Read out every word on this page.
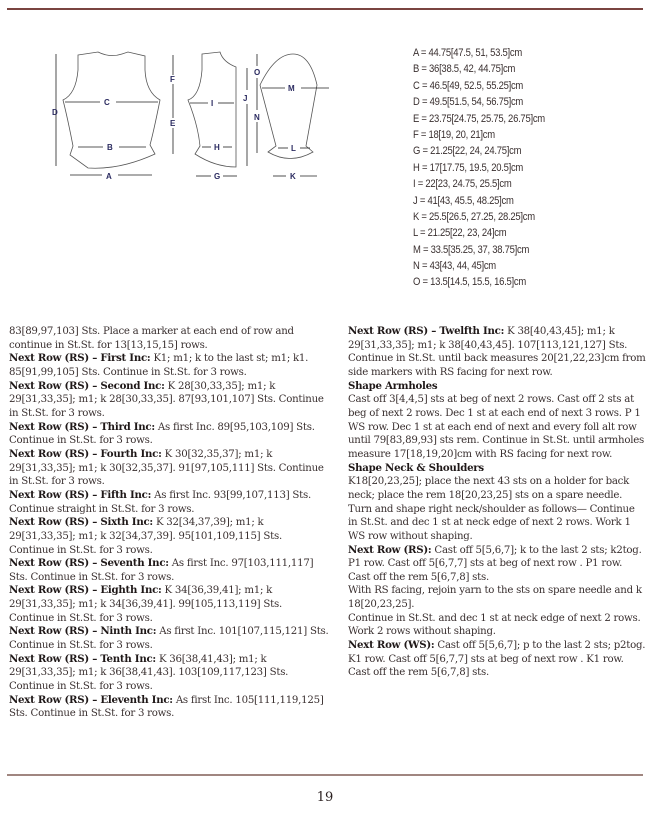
D
C
B
A
F
E
I
H
G
J
O
N
M
L
K
A = 44.75[47.5, 51, 53.5]cm
B = 36[38.5, 42, 44.75]cm
C = 46.5[49, 52.5, 55.25]cm
D = 49.5[51.5, 54, 56.75]cm
E = 23.75[24.75, 25.75, 26.75]cm
F = 18[19, 20, 21]cm
G = 21.25[22, 24, 24.75]cm
H = 17[17.75, 19.5, 20.5]cm
I = 22[23, 24.75, 25.5]cm
J = 41[43, 45.5, 48.25]cm
K = 25.5[26.5, 27.25, 28.25]cm
L = 21.25[22, 23, 24]cm
M = 33.5[35.25, 37, 38.75]cm
N = 43[43, 44, 45]cm
O = 13.5[14.5, 15.5, 16.5]cm

83[89,97,103] Sts. Place a marker at each end of row and continue in St.St. for 13[13,15,15] rows.

Next Row (RS) – First Inc: K1; m1; k to the last st; m1; k1. 85[91,99,105] Sts. Continue in St.St. for 3 rows.

Next Row (RS) – Second Inc: K 28[30,33,35]; m1; k 29[31,33,35]; m1; k 28[30,33,35]. 87[93,101,107] Sts. Continue in St.St. for 3 rows.

Next Row (RS) – Third Inc: As first Inc. 89[95,103,109] Sts. Continue in St.St. for 3 rows.

Next Row (RS) – Fourth Inc: K 30[32,35,37]; m1; k 29[31,33,35]; m1; k 30[32,35,37]. 91[97,105,111] Sts. Continue in St.St. for 3 rows.

Next Row (RS) – Fifth Inc: As first Inc. 93[99,107,113] Sts. Continue straight in St.St. for 3 rows.

Next Row (RS) – Sixth Inc: K 32[34,37,39]; m1; k 29[31,33,35]; m1; k 32[34,37,39]. 95[101,109,115] Sts. Continue in St.St. for 3 rows.

Next Row (RS) – Seventh Inc: As first Inc. 97[103,111,117] Sts. Continue in St.St. for 3 rows.

Next Row (RS) – Eighth Inc: K 34[36,39,41]; m1; k 29[31,33,35]; m1; k 34[36,39,41]. 99[105,113,119] Sts. Continue in St.St. for 3 rows.

Next Row (RS) – Ninth Inc: As first Inc. 101[107,115,121] Sts. Continue in St.St. for 3 rows.

Next Row (RS) – Tenth Inc: K 36[38,41,43]; m1; k 29[31,33,35]; m1; k 36[38,41,43]. 103[109,117,123] Sts. Continue in St.St. for 3 rows.

Next Row (RS) – Eleventh Inc: As first Inc. 105[111,119,125] Sts. Continue in St.St. for 3 rows.

Next Row (RS) – Twelfth Inc: K 38[40,43,45]; m1; k 29[31,33,35]; m1; k 38[40,43,45]. 107[113,121,127] Sts. Continue in St.St. until back measures 20[21,22,23]cm from side markers with RS facing for next row.

Shape Armholes

Cast off 3[4,4,5] sts at beg of next 2 rows. Cast off 2 sts at beg of next 2 rows. Dec 1 st at each end of next 3 rows. P 1 WS row. Dec 1 st at each end of next and every foll alt row until 79[83,89,93] sts rem. Continue in St.St. until armholes measure 17[18,19,20]cm with RS facing for next row.

Shape Neck & Shoulders

K18[20,23,25]; place the next 43 sts on a holder for back neck; place the rem 18[20,23,25] sts on a spare needle. Turn and shape right neck/shoulder as follows— Continue in St.St. and dec 1 st at neck edge of next 2 rows. Work 1 WS row without shaping.

Next Row (RS): Cast off 5[5,6,7]; k to the last 2 sts; k2tog. P1 row. Cast off 5[6,7,7] sts at beg of next row . P1 row. Cast off the rem 5[6,7,8] sts.

With RS facing, rejoin yarn to the sts on spare needle and k 18[20,23,25].

Continue in St.St. and dec 1 st at neck edge of next 2 rows. Work 2 rows without shaping.

Next Row (WS): Cast off 5[5,6,7]; p to the last 2 sts; p2tog.

K1 row. Cast off 5[6,7,7] sts at beg of next row . K1 row. Cast off the rem 5[6,7,8] sts.

19
